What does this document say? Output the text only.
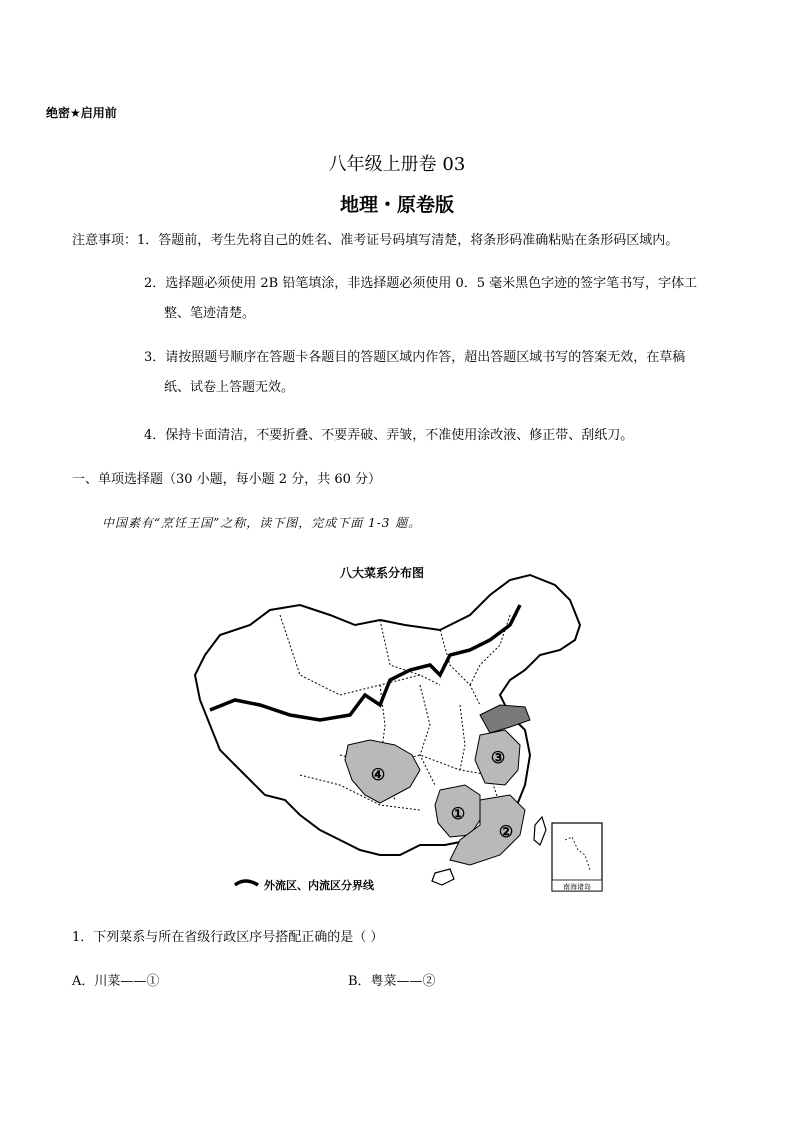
绝密★启用前
八年级上册卷 03
地理・原卷版
注意事项：1．答题前，考生先将自己的姓名、准考证号码填写清楚，将条形码准确粘贴在条形码区域内。
2．选择题必须使用 2B 铅笔填涂，非选择题必须使用 0．5 毫米黑色字迹的签字笔书写，字体工

整、笔迹清楚。
3．请按照题号顺序在答题卡各题目的答题区域内作答，超出答题区域书写的答案无效，在草稿

纸、试卷上答题无效。
4．保持卡面清洁，不要折叠、不要弄破、弄皱，不准使用涂改液、修正带、刮纸刀。
一、单项选择题（30 小题，每小题 2 分，共 60 分）
中国素有“烹饪王国”之称，读下图，完成下面 1-3 题。
八大菜系分布图
①
②
③
④
南海诸岛
外流区、内流区分界线
1．下列菜系与所在省级行政区序号搭配正确的是（ ）
A．川菜——①	B．粤菜——②
